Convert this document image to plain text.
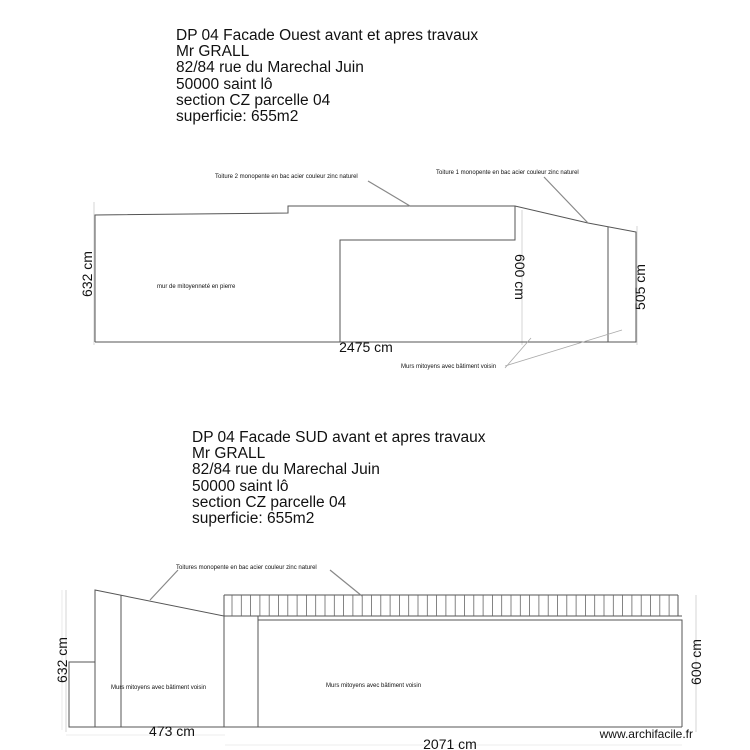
DP 04 Facade Ouest avant et apres travaux
Mr GRALL
82/84 rue du Marechal Juin
50000 saint lô
section CZ parcelle 04
superficie: 655m2
DP 04 Facade SUD avant et apres travaux
Mr GRALL
82/84 rue du Marechal Juin
50000 saint lô
section CZ parcelle 04
superficie: 655m2
Toiture 2 monopente en bac acier couleur zinc naturel
Toiture 1 monopente en bac acier couleur zinc naturel
mur de mitoyenneté en pierre
Murs mitoyens avec bâtiment voisin
632 cm	600 cm	505 cm
2475 cm
Toitures monopente en bac acier couleur zinc naturel
Murs mitoyens avec bâtiment voisin	Murs mitoyens avec bâtiment voisin
632 cm	600 cm
473 cm
2071 cm
www.archifacile.fr
